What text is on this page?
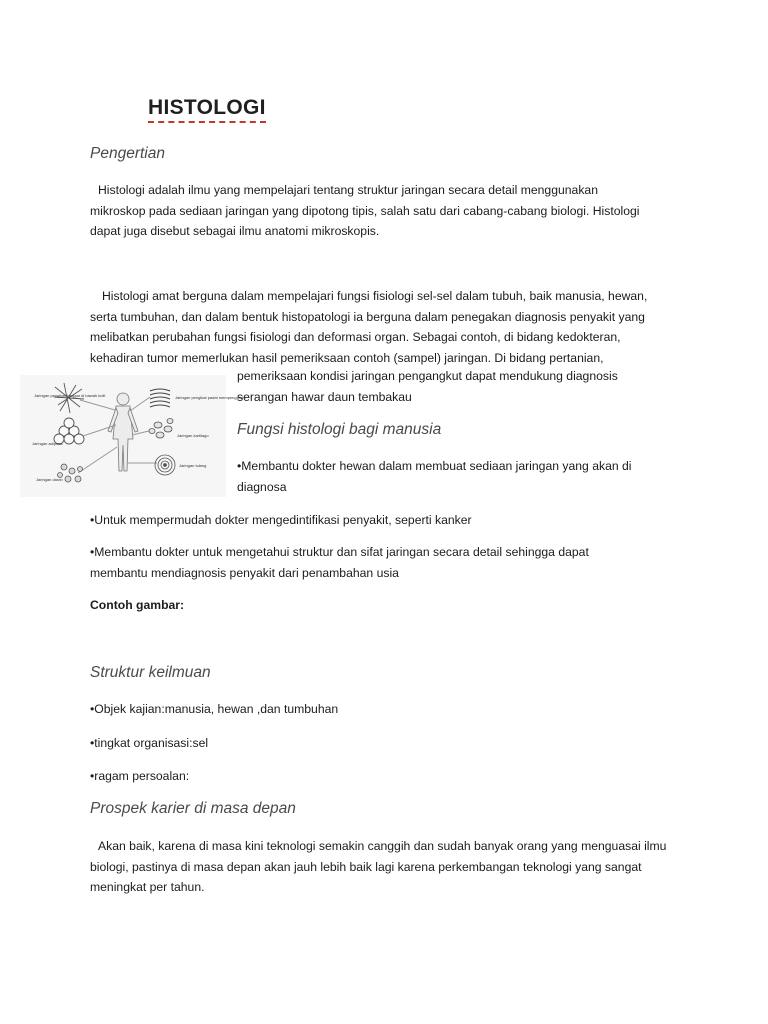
HISTOLOGI
Pengertian
Histologi adalah ilmu yang mempelajari tentang struktur jaringan secara detail menggunakan
mikroskop pada sediaan jaringan yang dipotong tipis, salah satu dari cabang-cabang biologi. Histologi
dapat juga disebut sebagai ilmu anatomi mikroskopis.
Histologi amat berguna dalam mempelajari fungsi fisiologi sel-sel dalam tubuh, baik manusia, hewan,
serta tumbuhan, dan dalam bentuk histopatologi ia berguna dalam penegakan diagnosis penyakit yang
melibatkan perubahan fungsi fisiologi dan deformasi organ. Sebagai contoh, di bidang kedokteran,
kehadiran tumor memerlukan hasil pemeriksaan contoh (sampel) jaringan. Di bidang pertanian,
pemeriksaan kondisi jaringan pengangkut dapat mendukung diagnosis
serangan hawar daun tembakau
Jaringan pengikat longgar di bawah kulit
Jaringan adiposa
Jaringan darah
Jaringan pengikat padat mempengaruhi
Jaringan kartilago
Jaringan tulang
Fungsi histologi bagi manusia
•Membantu dokter hewan dalam membuat sediaan jaringan yang akan di
diagnosa
•Untuk mempermudah dokter mengedintifikasi penyakit, seperti kanker
•Membantu dokter untuk mengetahui struktur dan sifat jaringan secara detail sehingga dapat
membantu mendiagnosis penyakit dari penambahan usia
Contoh gambar:
Struktur keilmuan
•Objek kajian:manusia, hewan ,dan tumbuhan
•tingkat organisasi:sel
•ragam persoalan:
Prospek karier di masa depan
Akan baik, karena di masa kini teknologi semakin canggih dan sudah banyak orang yang menguasai ilmu
biologi, pastinya di masa depan akan jauh lebih baik lagi karena perkembangan teknologi yang sangat
meningkat per tahun.
